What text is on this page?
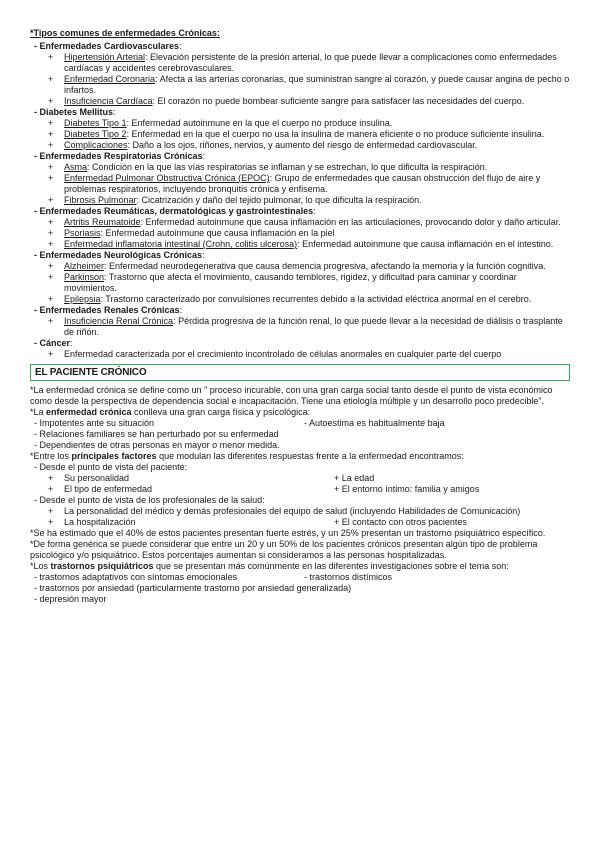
*Tipos comunes de enfermedades Crónicas:
- Enfermedades Cardiovasculares:
+ Hipertensión Arterial: Elevación persistente de la presión arterial, lo que puede llevar a complicaciones como enfermedades cardíacas y accidentes cerebrovasculares.
+ Enfermedad Coronaria: Afecta a las arterias coronarias, que suministran sangre al corazón, y puede causar angina de pecho o infartos.
+ Insuficiencia Cardíaca: El corazón no puede bombear suficiente sangre para satisfacer las necesidades del cuerpo.
- Diabetes Mellitus:
+ Diabetes Tipo 1: Enfermedad autoinmune en la que el cuerpo no produce insulina.
+ Diabetes Tipo 2: Enfermedad en la que el cuerpo no usa la insulina de manera eficiente o no produce suficiente insulina.
+ Complicaciones: Daño a los ojos, riñones, nervios, y aumento del riesgo de enfermedad cardiovascular.
- Enfermedades Respiratorias Crónicas:
+ Asma: Condición en la que las vías respiratorias se inflaman y se estrechan, lo que dificulta la respiración.
+ Enfermedad Pulmonar Obstructiva Crónica (EPOC): Grupo de enfermedades que causan obstrucción del flujo de aire y problemas respiratorios, incluyendo bronquitis crónica y enfisema.
+ Fibrosis Pulmonar: Cicatrización y daño del tejido pulmonar, lo que dificulta la respiración.
- Enfermedades Reumáticas, dermatológicas y gastrointestinales:
+ Artritis Reumatoide: Enfermedad autoinmune que causa inflamación en las articulaciones, provocando dolor y daño articular.
+ Psoriasis: Enfermedad autoinmune que causa inflamación en la piel
+ Enfermedad inflamatoria intestinal (Crohn, colitis ulcerosa): Enfermedad autoinmune que causa inflamación en el intestino.
- Enfermedades Neurológicas Crónicas:
+ Alzheimer: Enfermedad neurodegenerativa que causa demencia progresiva, afectando la memoria y la función cognitiva.
+ Parkinson: Trastorno que afecta el movimiento, causando temblores, rigidez, y dificultad para caminar y coordinar movimientos.
+ Epilepsia: Trastorno caracterizado por convulsiones recurrentes debido a la actividad eléctrica anormal en el cerebro.
- Enfermedades Renales Crónicas:
+ Insuficiencia Renal Crónica: Pérdida progresiva de la función renal, lo que puede llevar a la necesidad de diálisis o trasplante de riñón.
- Cáncer:
+ Enfermedad caracterizada por el crecimiento incontrolado de células anormales en cualquier parte del cuerpo
EL PACIENTE CRÓNICO
*La enfermedad crónica se define como un " proceso incurable, con una gran carga social tanto desde el punto de vista económico como desde la perspectiva de dependencia social e incapacitación. Tiene una etiología múltiple y un desarrollo poco predecible".
*La enfermedad crónica conlleva una gran carga física y psicológica:
- Impotentes ante su situación	- Autoestima es habitualmente baja
- Relaciones familiares se han perturbado por su enfermedad
- Dependientes de otras personas en mayor o menor medida.
*Entre los principales factores que modulan las diferentes respuestas frente a la enfermedad encontramos:
- Desde el punto de vista del paciente:
+ Su personalidad	+ La edad
+ El tipo de enfermedad	+ El entorno íntimo: familia y amigos
- Desde el punto de vista de los profesionales de la salud:
+ La personalidad del médico y demás profesionales del equipo de salud (incluyendo Habilidades de Comunicación)
+ La hospitalización	+ El contacto con otros pacientes
*Se ha estimado que el 40% de estos pacientes presentan fuerte estrés, y un 25% presentan un trastorno psiquiátrico específico.
*De forma genérica se puede considerar que entre un 20 y un 50% de los pacientes crónicos presentan algún tipo de problema psicológico y/o psiquiátrico. Estos porcentajes aumentan si consideramos a las personas hospitalizadas.
*Los trastornos psiquiátricos que se presentan más comúnmente en las diferentes investigaciones sobre el tema son:
- trastornos adaptativos con síntomas emocionales	- trastornos distímicos
- trastornos por ansiedad (particularmente trastorno por ansiedad generalizada)
- depresión mayor
